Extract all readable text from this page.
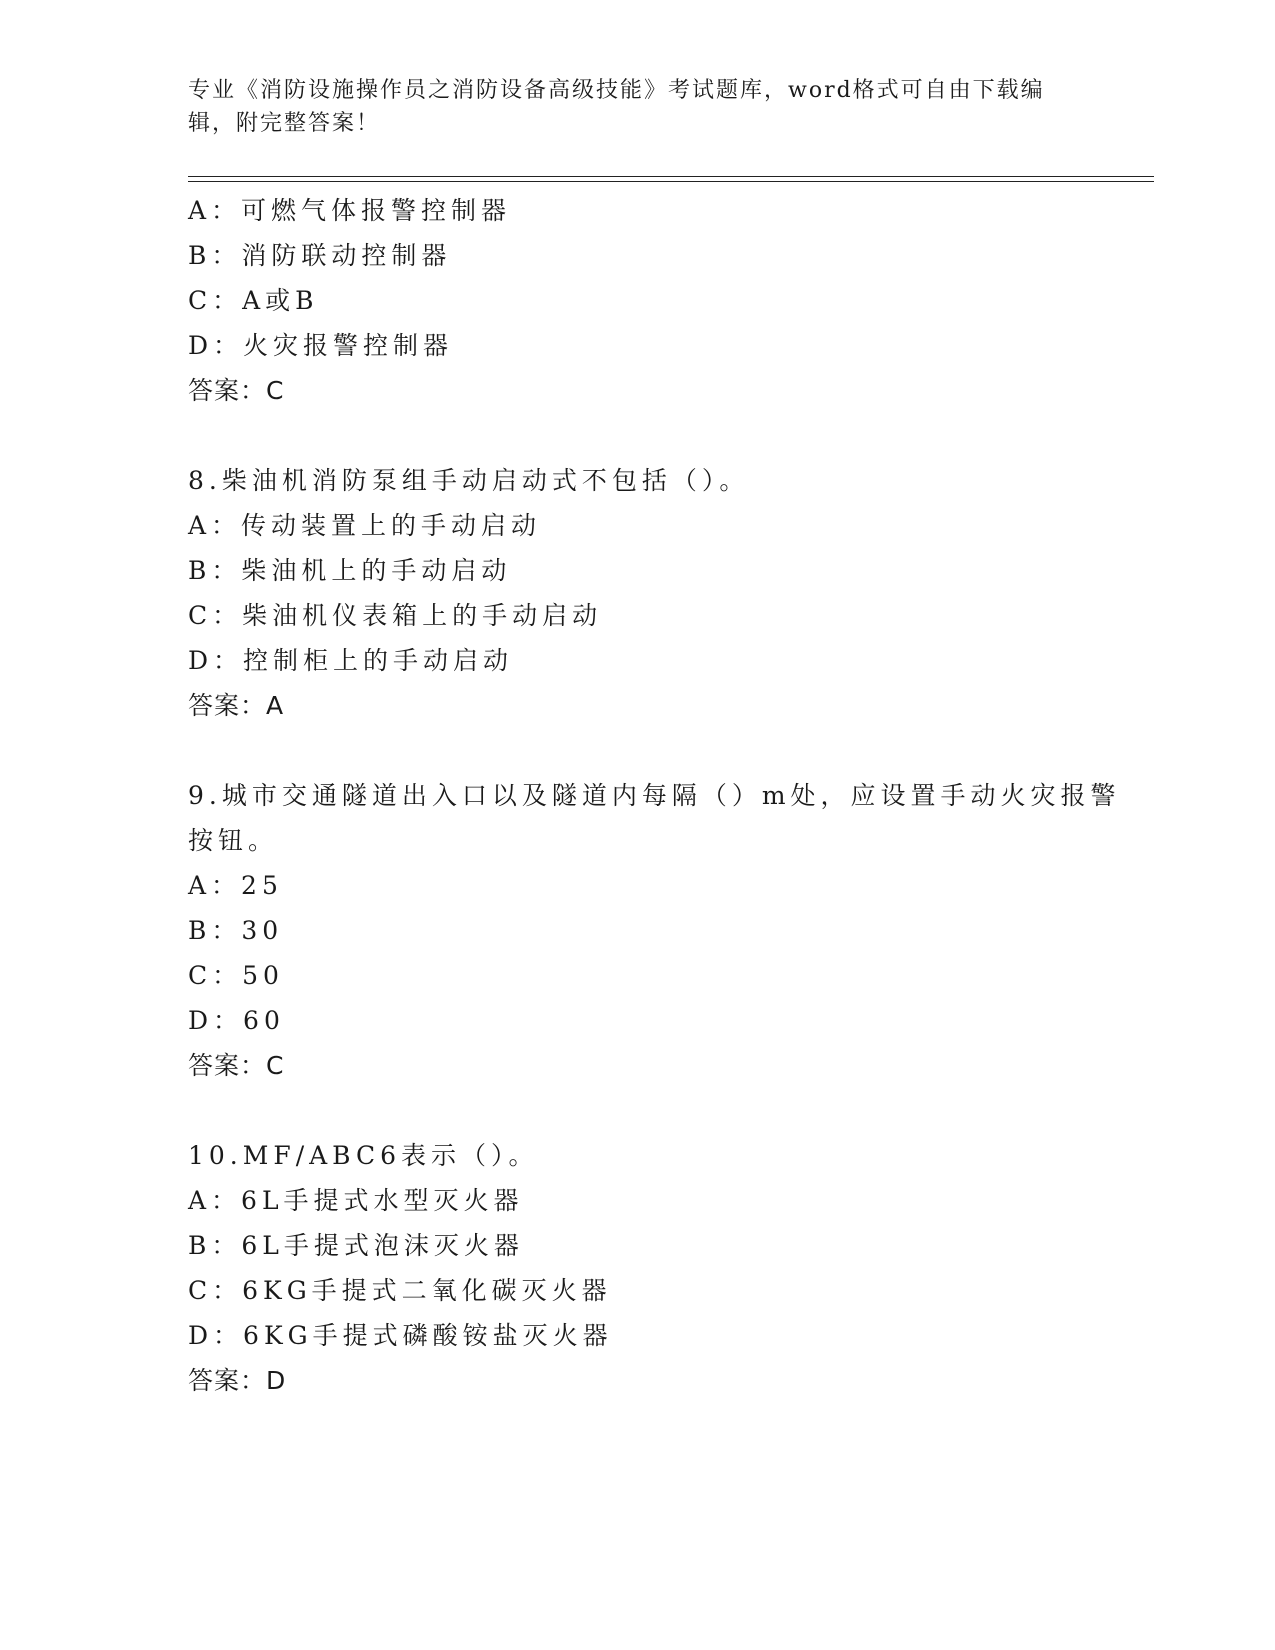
专业《消防设施操作员之消防设备高级技能》考试题库，word格式可自由下载编辑，附完整答案！
A：可燃气体报警控制器
B：消防联动控制器
C：A或B
D：火灾报警控制器
答案：C
8.柴油机消防泵组手动启动式不包括（）。
A：传动装置上的手动启动
B：柴油机上的手动启动
C：柴油机仪表箱上的手动启动
D：控制柜上的手动启动
答案：A
9.城市交通隧道出入口以及隧道内每隔（）m处，应设置手动火灾报警
按钮。
A：25
B：30
C：50
D：60
答案：C
10.MF/ABC6表示（）。
A：6L手提式水型灭火器
B：6L手提式泡沫灭火器
C：6KG手提式二氧化碳灭火器
D：6KG手提式磷酸铵盐灭火器
答案：D
